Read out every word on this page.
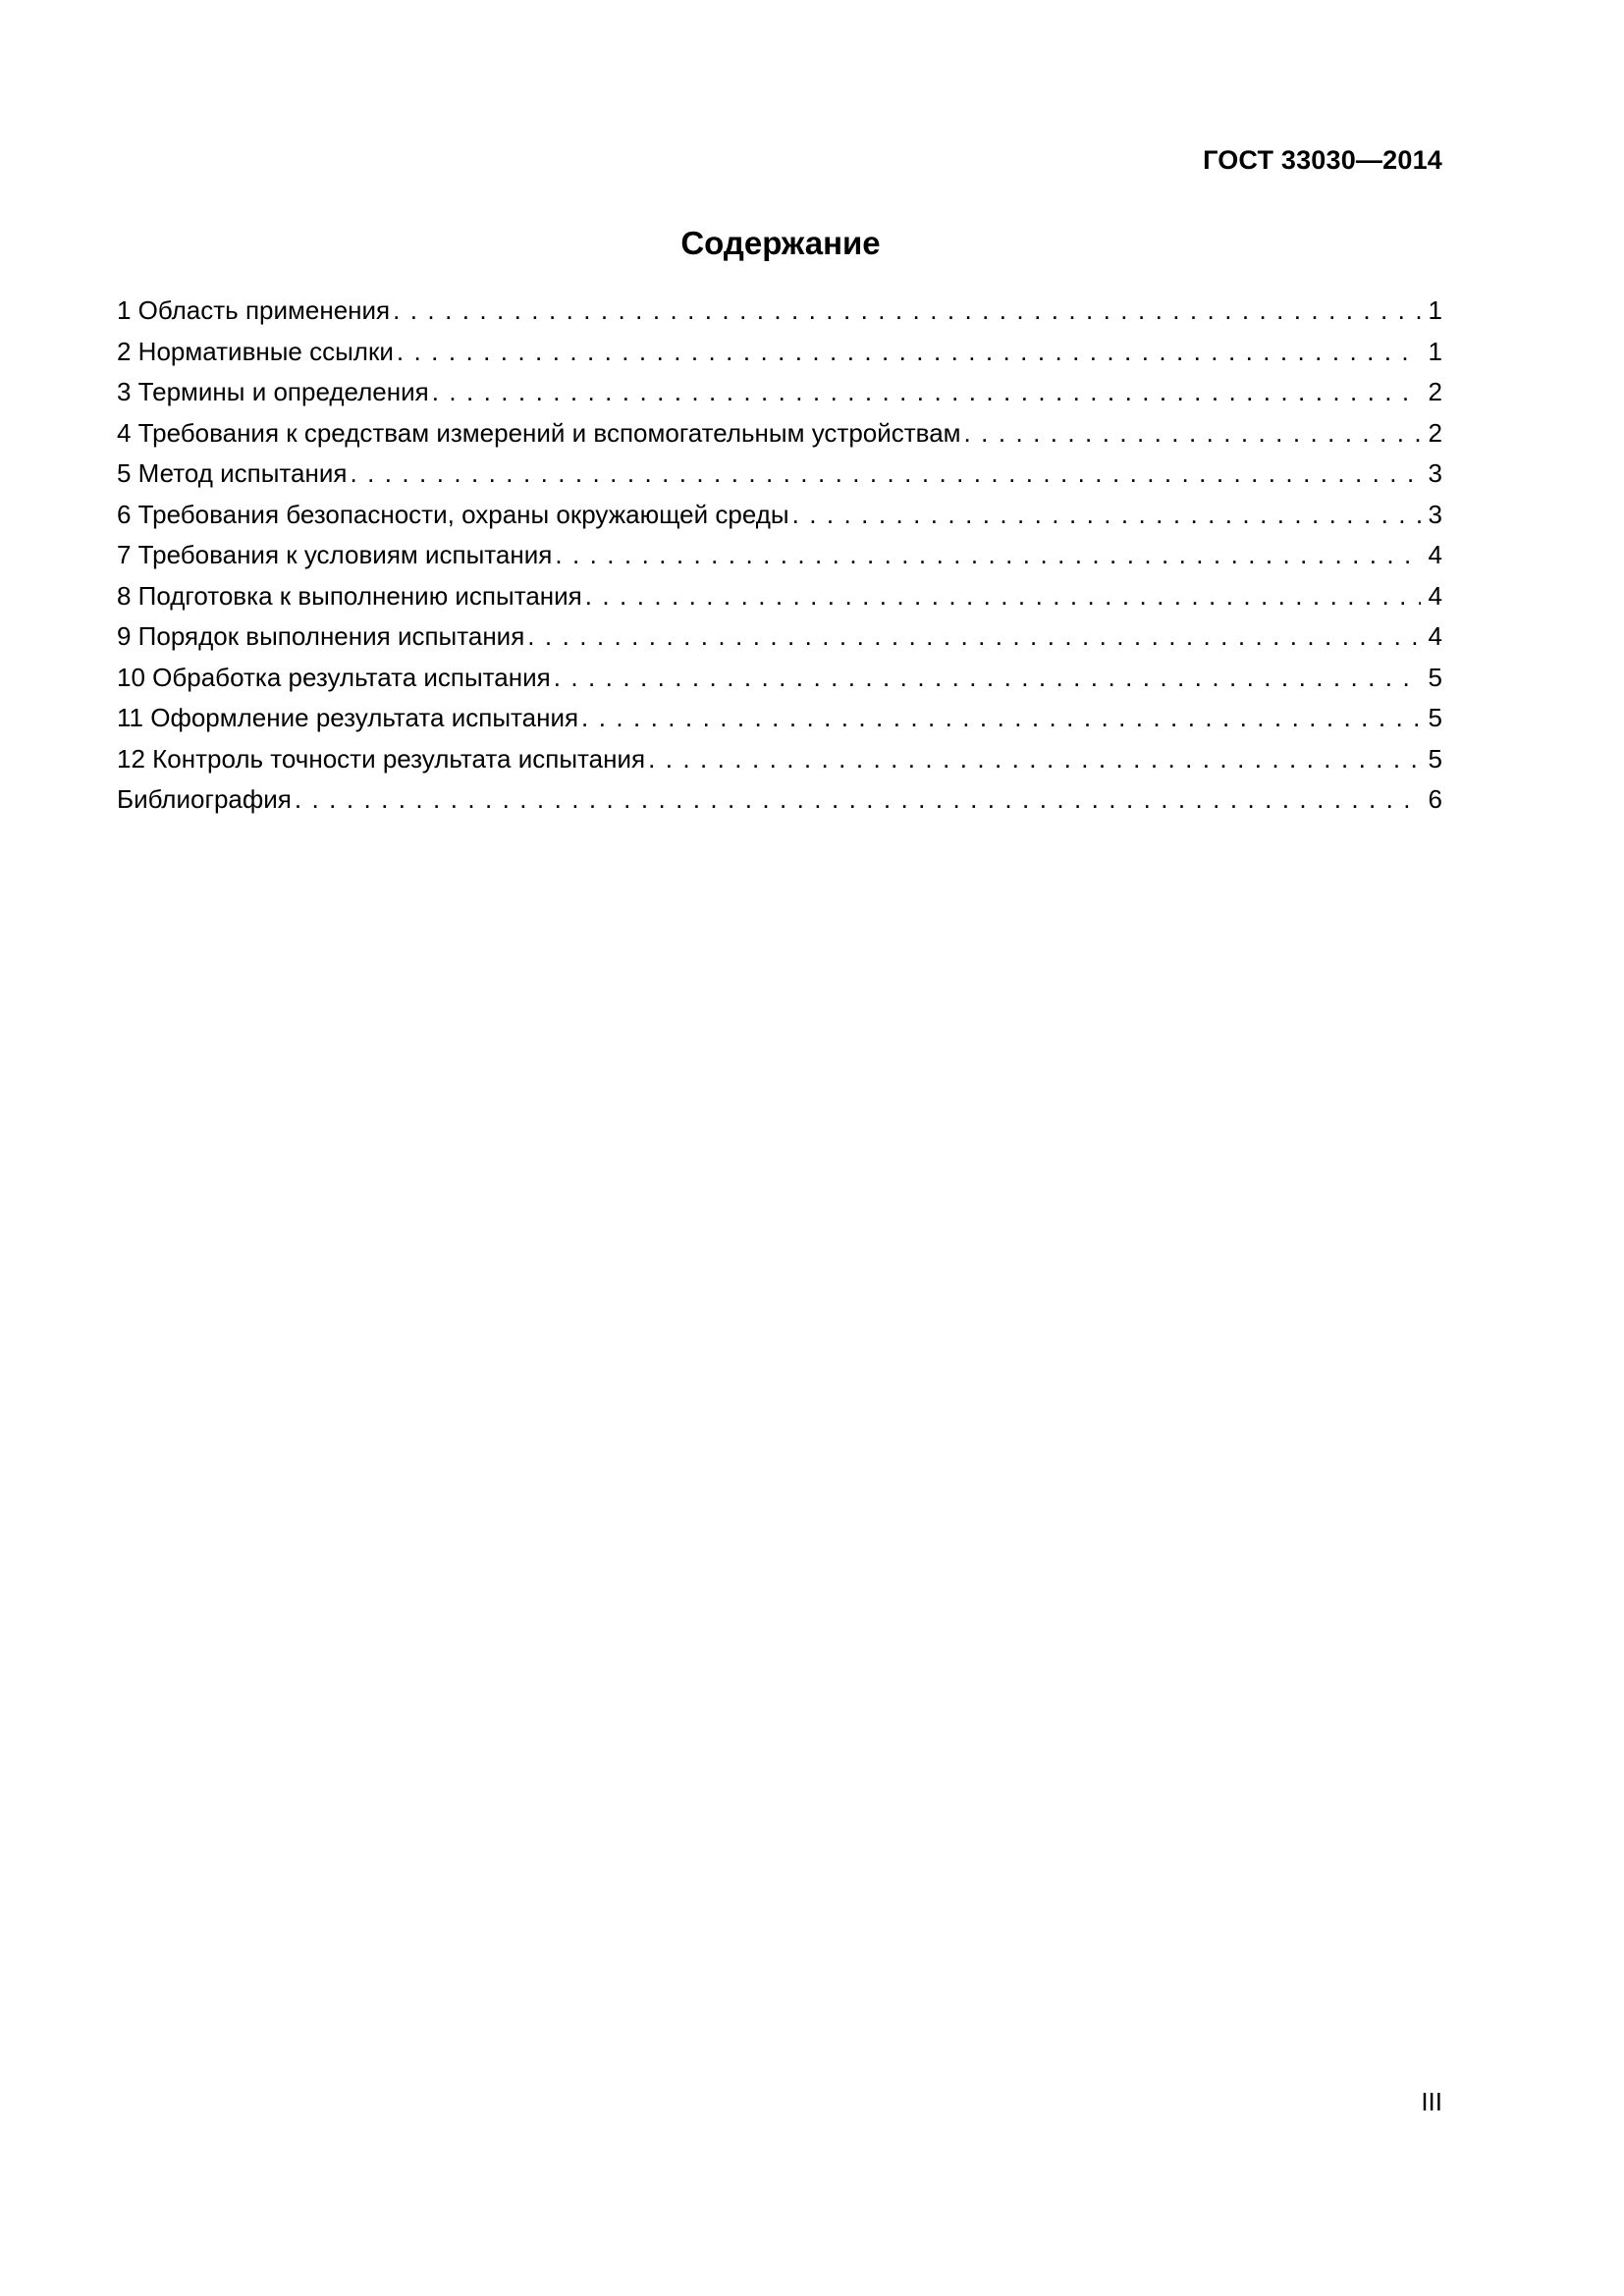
ГОСТ 33030—2014
Содержание
1 Область применения . . .	1
2 Нормативные ссылки . . .	1
3 Термины и определения . . .	2
4 Требования к средствам измерений и вспомогательным устройствам . . .	2
5 Метод испытания . . .	3
6 Требования безопасности, охраны окружающей среды . . .	3
7 Требования к условиям испытания . . .	4
8 Подготовка к выполнению испытания . . .	4
9 Порядок выполнения испытания . . .	4
10 Обработка результата испытания . . .	5
11 Оформление результата испытания . . .	5
12 Контроль точности результата испытания . . .	5
Библиография . . .	6
III
